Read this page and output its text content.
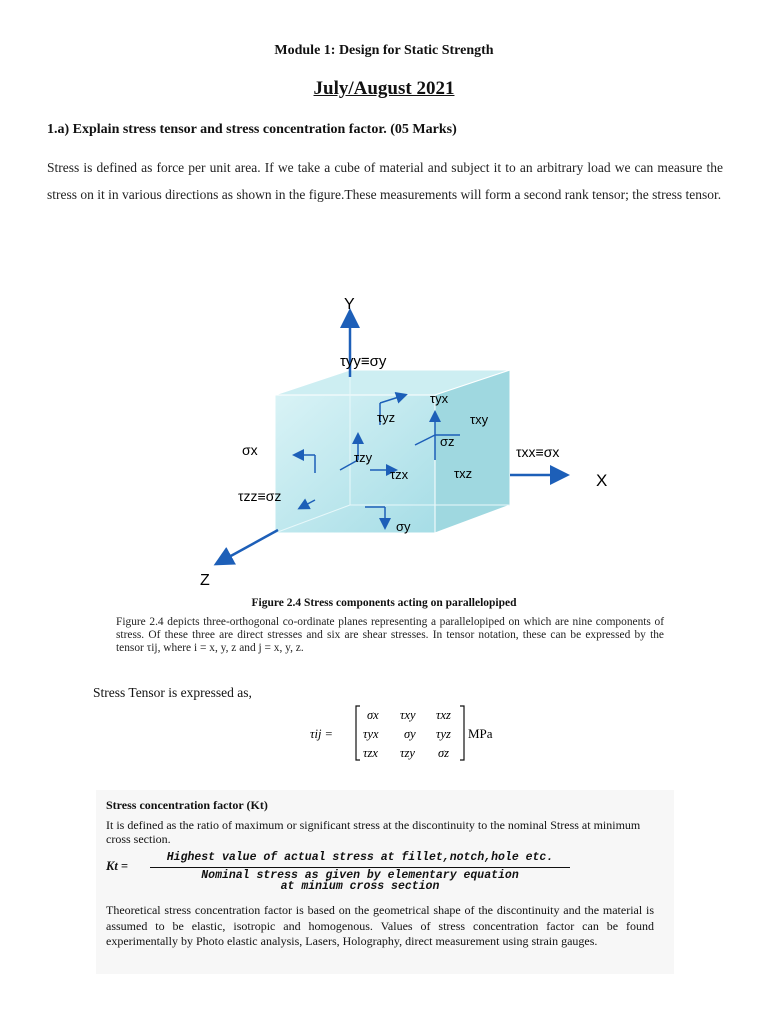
Module 1: Design for Static Strength
July/August 2021
1.a) Explain stress tensor and stress concentration factor. (05 Marks)
Stress is defined as force per unit area. If we take a cube of material and subject it to an arbitrary load we can measure the stress on it in various directions as shown in the figure.These measurements will form a second rank tensor; the stress tensor.
Y
X
Z
τyy≡σy
τyx
τyz	τxy
σx	τzy
σz
τxx≡σx
τzx	τxz
τzz≡σz
σy
Figure 2.4 Stress components acting on parallelopiped
Figure 2.4 depicts three-orthogonal co-ordinate planes representing a parallelopiped on which are nine components of stress. Of these three are direct stresses and six are shear stresses. In tensor notation, these can be expressed by the tensor τij, where i = x, y, z and j = x, y, z.
Stress Tensor is expressed as,
τij =
σx τxy τxz
τyx σy τyz
τzx τzy σz
MPa
Stress concentration factor (Kt)
It is defined as the ratio of maximum or significant stress at the discontinuity to the nominal Stress at minimum cross section.
Kt =
Highest value of actual stress at fillet,notch,hole etc.
Nominal stress as given by elementary equation
at minium cross section
Theoretical stress concentration factor is based on the geometrical shape of the discontinuity and the material is assumed to be elastic, isotropic and homogenous. Values of stress concentration factor can be found experimentally by Photo elastic analysis, Lasers, Holography, direct measurement using strain gauges.
